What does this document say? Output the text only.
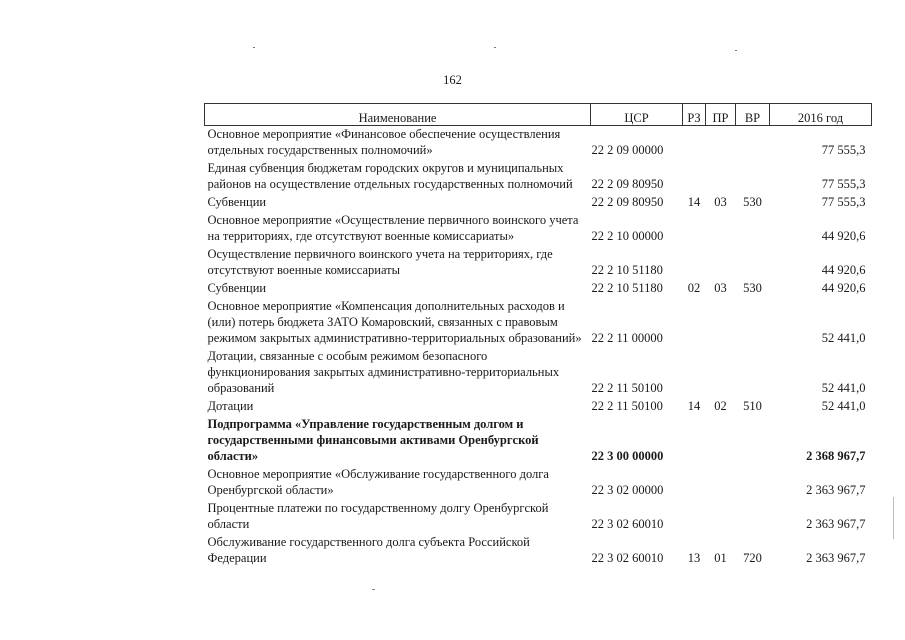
162
Наименование	ЦСР	РЗ	ПР	ВР	2016 год
Основное мероприятие «Финансовое обеспечение осуществления отдельных государственных полномочий»	22 2 09 00000				77 555,3
Единая субвенция бюджетам городских округов и муниципальных районов на осуществление отдельных государственных полномочий	22 2 09 80950				77 555,3
Субвенции	22 2 09 80950	14	03	530	77 555,3
Основное мероприятие «Осуществление первичного воинского учета на территориях, где отсутствуют военные комиссариаты»	22 2 10 00000				44 920,6
Осуществление первичного воинского учета на территориях, где отсутствуют военные комиссариаты	22 2 10 51180				44 920,6
Субвенции	22 2 10 51180	02	03	530	44 920,6
Основное мероприятие «Компенсация дополнительных расходов и (или) потерь бюджета ЗАТО Комаровский, связанных с правовым режимом закрытых административно-территориальных образований»	22 2 11 00000				52 441,0
Дотации, связанные с особым режимом безопасного функционирования закрытых административно-территориальных образований	22 2 11 50100				52 441,0
Дотации	22 2 11 50100	14	02	510	52 441,0
Подпрограмма «Управление государственным долгом и государственными финансовыми активами Оренбургской области»	22 3 00 00000				2 368 967,7
Основное мероприятие «Обслуживание государственного долга Оренбургской области»	22 3 02 00000				2 363 967,7
Процентные платежи по государственному долгу Оренбургской области	22 3 02 60010				2 363 967,7
Обслуживание государственного долга субъекта Российской Федерации	22 3 02 60010	13	01	720	2 363 967,7
